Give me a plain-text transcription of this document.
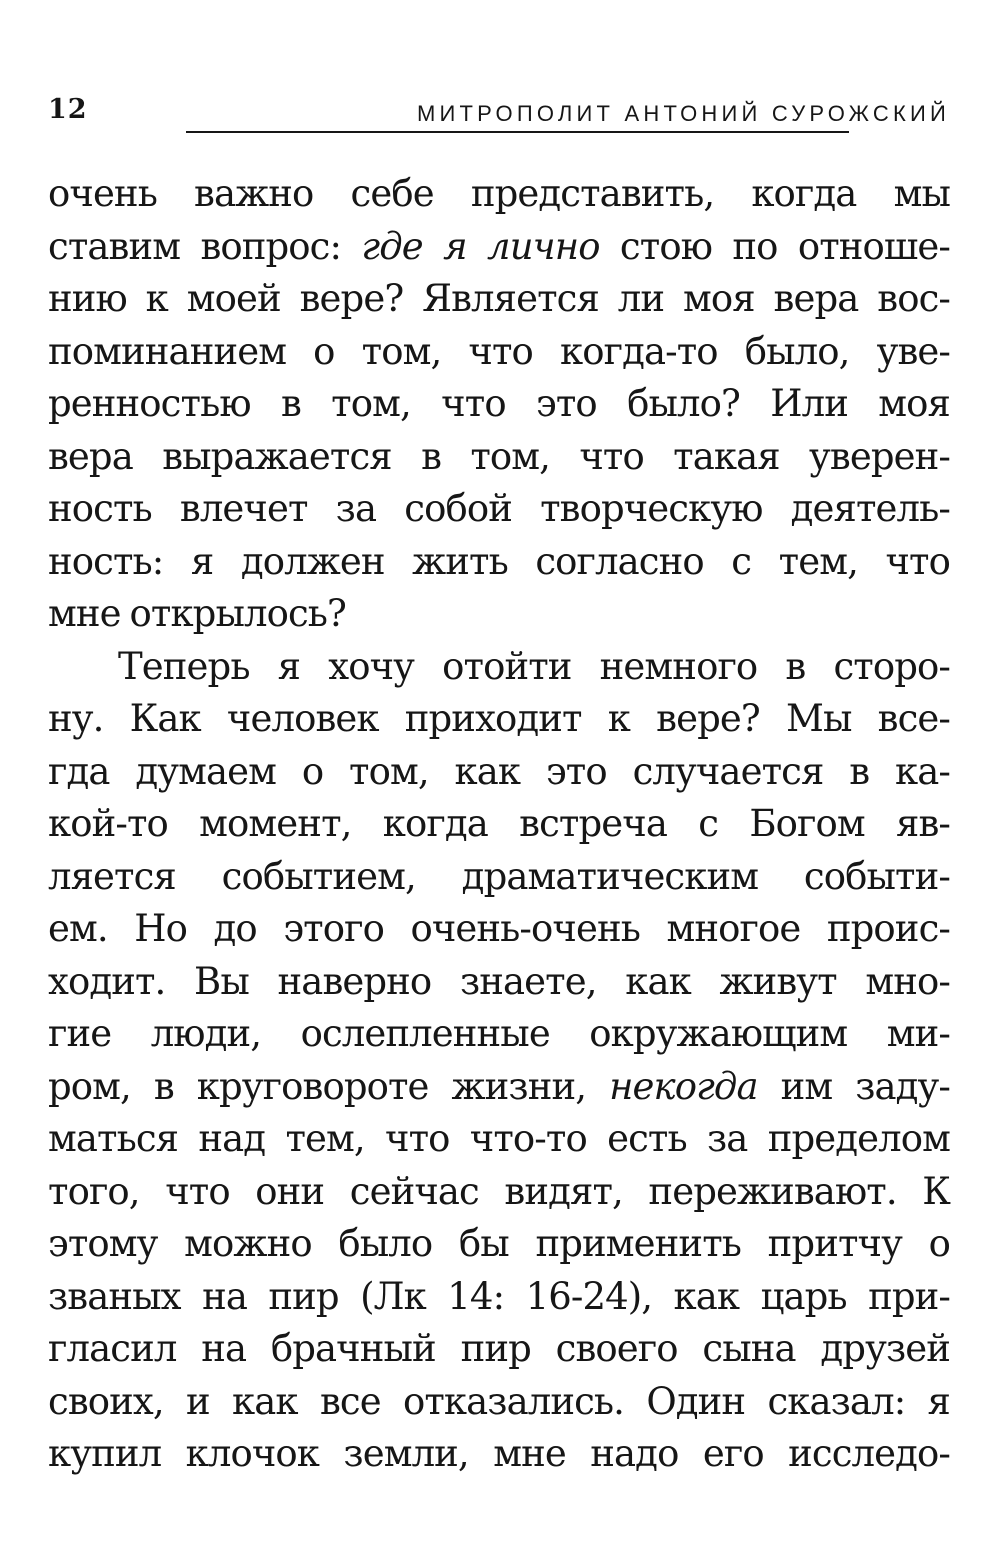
12	МИТРОПОЛИТ АНТОНИЙ СУРОЖСКИЙ
очень важно себе представить, когда мы
ставим вопрос: где я лично стою по отноше-
нию к моей вере? Является ли моя вера вос-
поминанием о том, что когда-то было, уве-
ренностью в том, что это было? Или моя
вера выражается в том, что такая уверен-
ность влечет за собой творческую деятель-
ность: я должен жить согласно с тем, что
мне открылось?
Теперь я хочу отойти немного в сторо-
ну. Как человек приходит к вере? Мы все-
гда думаем о том, как это случается в ка-
кой-то момент, когда встреча с Богом яв-
ляется событием, драматическим событи-
ем. Но до этого очень-очень многое проис-
ходит. Вы наверно знаете, как живут мно-
гие люди, ослепленные окружающим ми-
ром, в круговороте жизни, некогда им заду-
маться над тем, что что-то есть за пределом
того, что они сейчас видят, переживают. К
этому можно было бы применить притчу о
званых на пир (Лк 14: 16-24), как царь при-
гласил на брачный пир своего сына друзей
своих, и как все отказались. Один сказал: я
купил клочок земли, мне надо его исследо-
